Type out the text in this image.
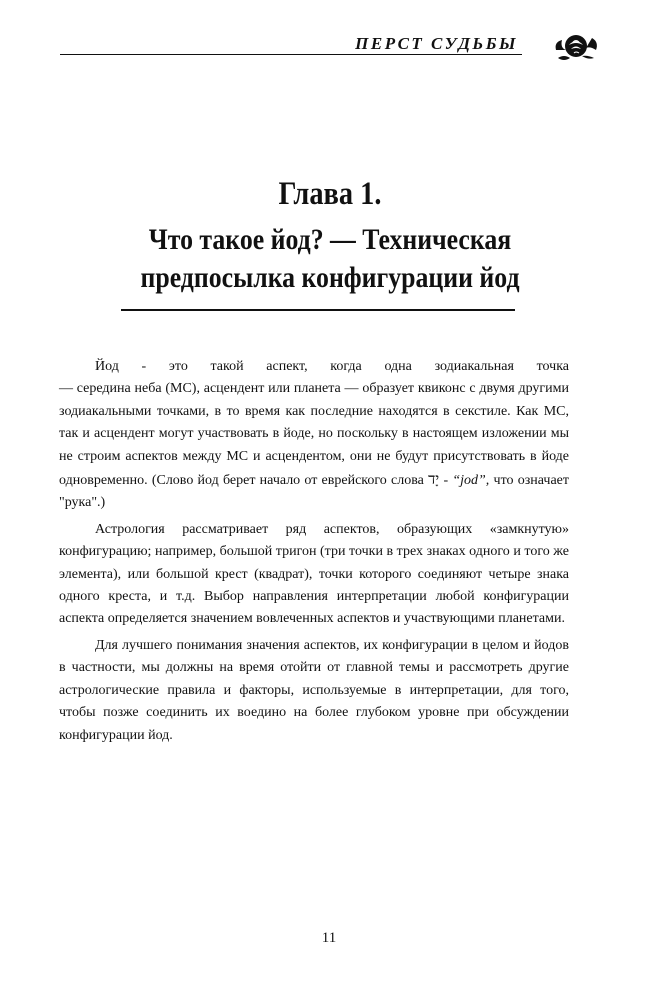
ПЕРСТ СУДЬБЫ
Глава 1.
Что такое йод? — Техническая
предпосылка конфигурации йод

Йод - это такой аспект, когда одна зодиакальная точка

— середина неба (МС), асцендент или планета — образует квиконс с двумя другими зодиакальными точками, в то время как последние находятся в секстиле. Как МС, так и асцендент могут участвовать в йоде, но поскольку в настоящем изложении мы не строим аспектов между МС и асцендентом, они не будут присутствовать в йоде одновременно. (Слово йод берет начало от еврейского слова יָד - “jod”, что означает "рука".)

Астрология рассматривает ряд аспектов, образующих «замкнутую» конфигурацию; например, большой тригон (три точки в трех знаках одного и того же элемента), или большой крест (квадрат), точки которого соединяют четыре знака одного креста, и т.д. Выбор направления интерпретации любой конфигурации аспекта определяется значением вовлеченных аспектов и участвующими планетами.

Для лучшего понимания значения аспектов, их конфигурации в целом и йодов в частности, мы должны на время отойти от главной темы и рассмотреть другие астрологические правила и факторы, используемые в интерпретации, для того, чтобы позже соединить их воедино на более глубоком уровне при обсуждении конфигурации йод.

11
